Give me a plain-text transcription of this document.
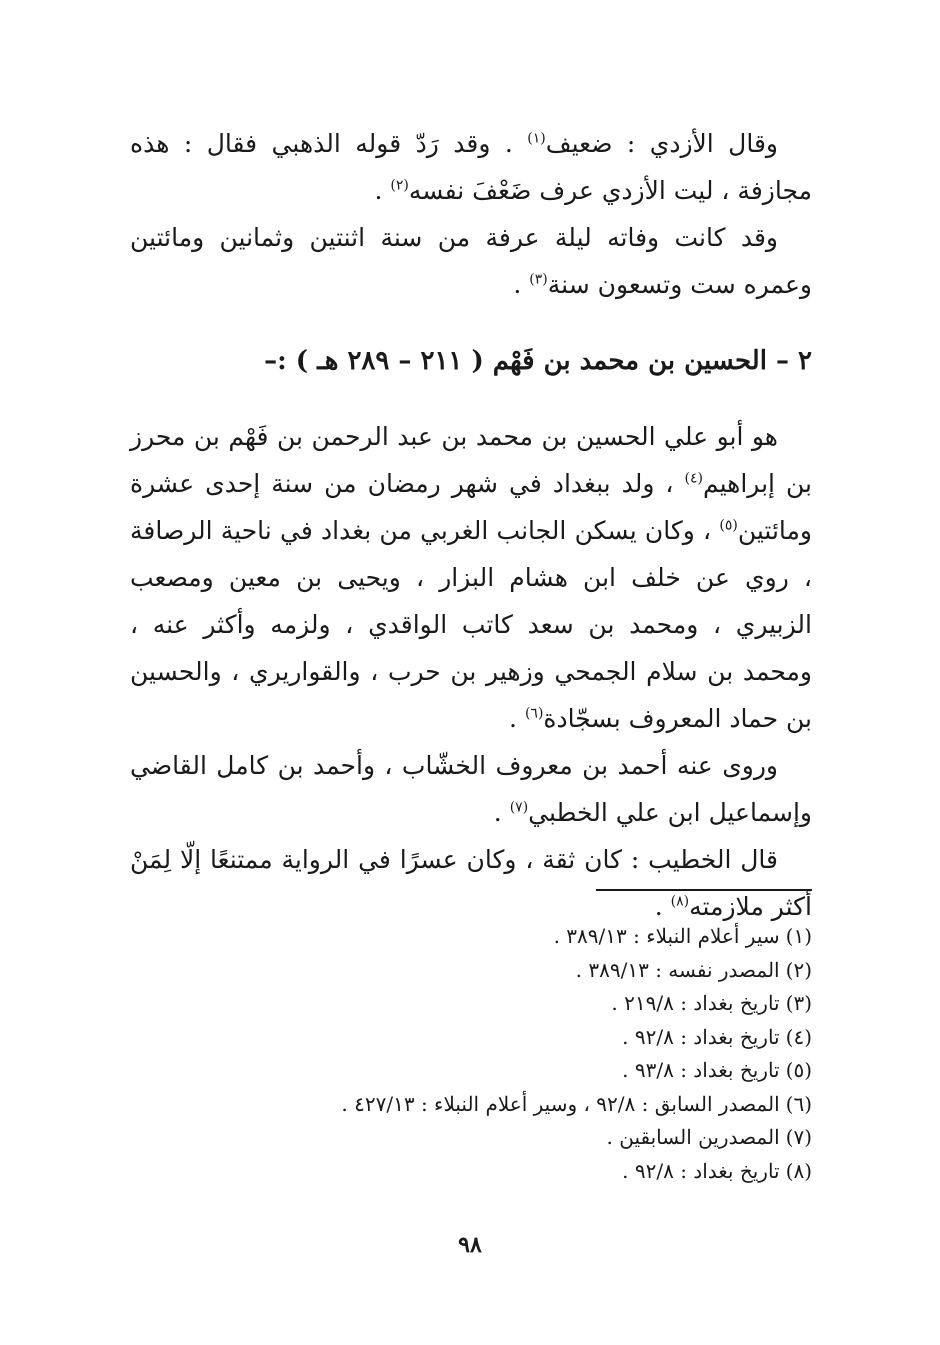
وقال الأزدي : ضعيف$^{(١)}$ . وقد رَدّ قوله الذهبي فقال : هذه مجازفة ، ليت الأزدي عرف ضَعْفَ نفسه$^{(٢)}$ .

وقد كانت وفاته ليلة عرفة من سنة اثنتين وثمانين ومائتين وعمره ست وتسعون سنة$^{(٣)}$ .

٢ – الحسين بن محمد بن فَهْم ( ٢١١ – ٢٨٩ هـ ) :–

هو أبو علي الحسين بن محمد بن عبد الرحمن بن فَهْم بن محرز بن إبراهيم$^{(٤)}$ ، ولد ببغداد في شهر رمضان من سنة إحدى عشرة ومائتين$^{(٥)}$ ، وكان يسكن الجانب الغربي من بغداد في ناحية الرصافة ، روي عن خلف ابن هشام البزار ، ويحيى بن معين ومصعب الزبيري ، ومحمد بن سعد كاتب الواقدي ، ولزمه وأكثر عنه ، ومحمد بن سلام الجمحي وزهير بن حرب ، والقواريري ، والحسين بن حماد المعروف بسجّادة$^{(٦)}$ .

وروى عنه أحمد بن معروف الخشّاب ، وأحمد بن كامل القاضي وإسماعيل ابن علي الخطبي$^{(٧)}$ .

قال الخطيب : كان ثقة ، وكان عسرًا في الرواية ممتنعًا إلّا لِمَنْ أكثر ملازمته$^{(٨)}$ .

(١)سير أعلام النبلاء : ٣٨٩/١٣ .

(٢)المصدر نفسه : ٣٨٩/١٣ .

(٣)تاريخ بغداد : ٢١٩/٨ .

(٤)تاريخ بغداد : ٩٢/٨ .

(٥)تاريخ بغداد : ٩٣/٨ .

(٦)المصدر السابق : ٩٢/٨ ، وسير أعلام النبلاء : ٤٢٧/١٣ .

(٧)المصدرين السابقين .

(٨)تاريخ بغداد : ٩٢/٨ .

٩٨
